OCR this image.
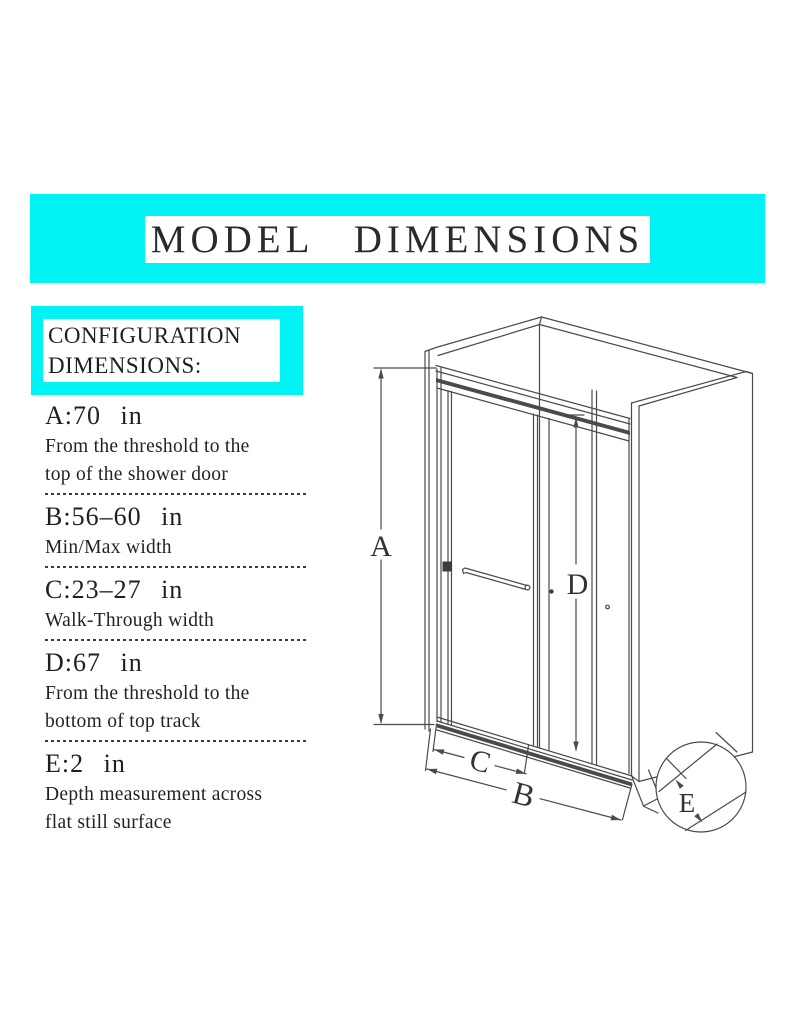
MODEL DIMENSIONS
CONFIGURATION
DIMENSIONS:
A:70 in
From the threshold to the
top of the shower door
B:56–60 in
Min/Max width
C:23–27 in
Walk-Through width
D:67 in
From the threshold to the
bottom of top track
E:2 in
Depth measurement across
flat still surface
A
D
C
B	E
